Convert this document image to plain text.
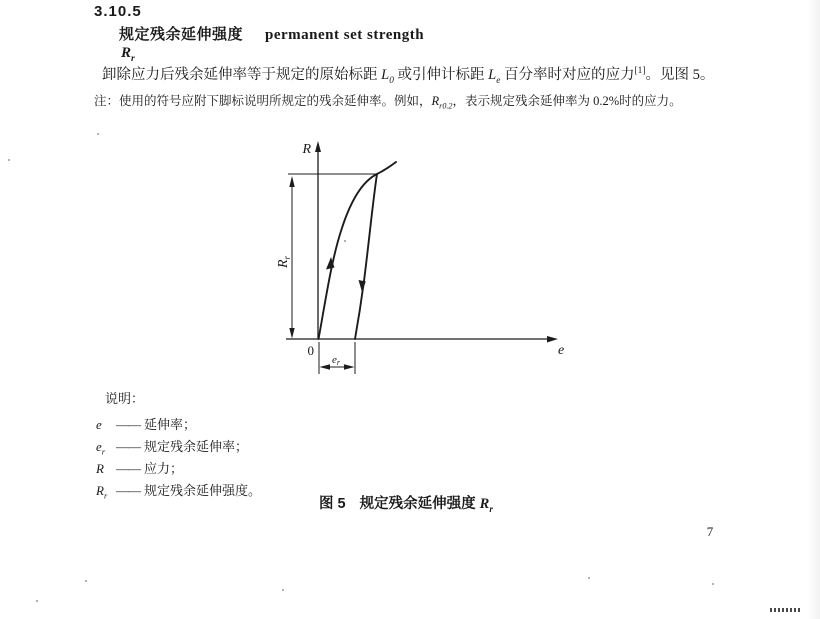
3.10.5
规定残余延伸强度 permanent set strength
$R_r$
卸除应力后残余延伸率等于规定的原始标距 $L_0$ 或引伸计标距 $L_e$ 百分率时对应的应力[1]。见图 5。
注：使用的符号应附下脚标说明所规定的残余延伸率。例如，$R_{r0.2}$，表示规定残余延伸率为 0.2%时的应力。
R
e
0
$R_r$
er
说明：
e —— 延伸率；
$e_r$ —— 规定残余延伸率；
R —— 应力；
$R_r$ —— 规定残余延伸强度。
图 5 规定残余延伸强度 $R_r$
7
